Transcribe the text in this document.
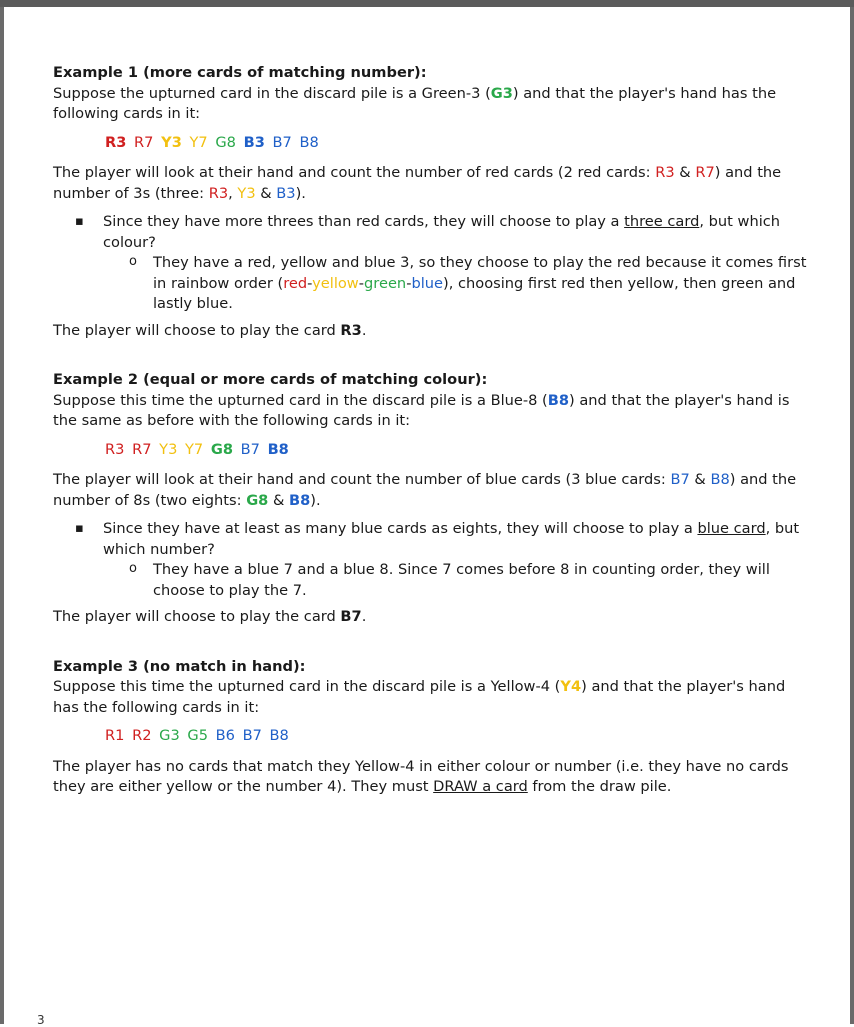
Example 1 (more cards of matching number):

Suppose the upturned card in the discard pile is a Green-3 (G3) and that the player's hand has the following cards in it:

R3 R7 Y3 Y7 G8 B3 B7 B8

The player will look at their hand and count the number of red cards (2 red cards: R3 & R7) and the number of 3s (three: R3, Y3 & B3).

▪ Since they have more threes than red cards, they will choose to play a three card, but which colour?
o They have a red, yellow and blue 3, so they choose to play the red because it comes first in rainbow order (red-yellow-green-blue), choosing first red then yellow, then green and lastly blue.

The player will choose to play the card R3.

Example 2 (equal or more cards of matching colour):

Suppose this time the upturned card in the discard pile is a Blue-8 (B8) and that the player's hand is the same as before with the following cards in it:

R3 R7 Y3 Y7 G8 B7 B8

The player will look at their hand and count the number of blue cards (3 blue cards: B7 & B8) and the number of 8s (two eights: G8 & B8).

▪ Since they have at least as many blue cards as eights, they will choose to play a blue card, but which number?
o They have a blue 7 and a blue 8. Since 7 comes before 8 in counting order, they will choose to play the 7.

The player will choose to play the card B7.

Example 3 (no match in hand):

Suppose this time the upturned card in the discard pile is a Yellow-4 (Y4) and that the player's hand has the following cards in it:

R1 R2 G3 G5 B6 B7 B8

The player has no cards that match they Yellow-4 in either colour or number (i.e. they have no cards they are either yellow or the number 4). They must DRAW a card from the draw pile.

3
